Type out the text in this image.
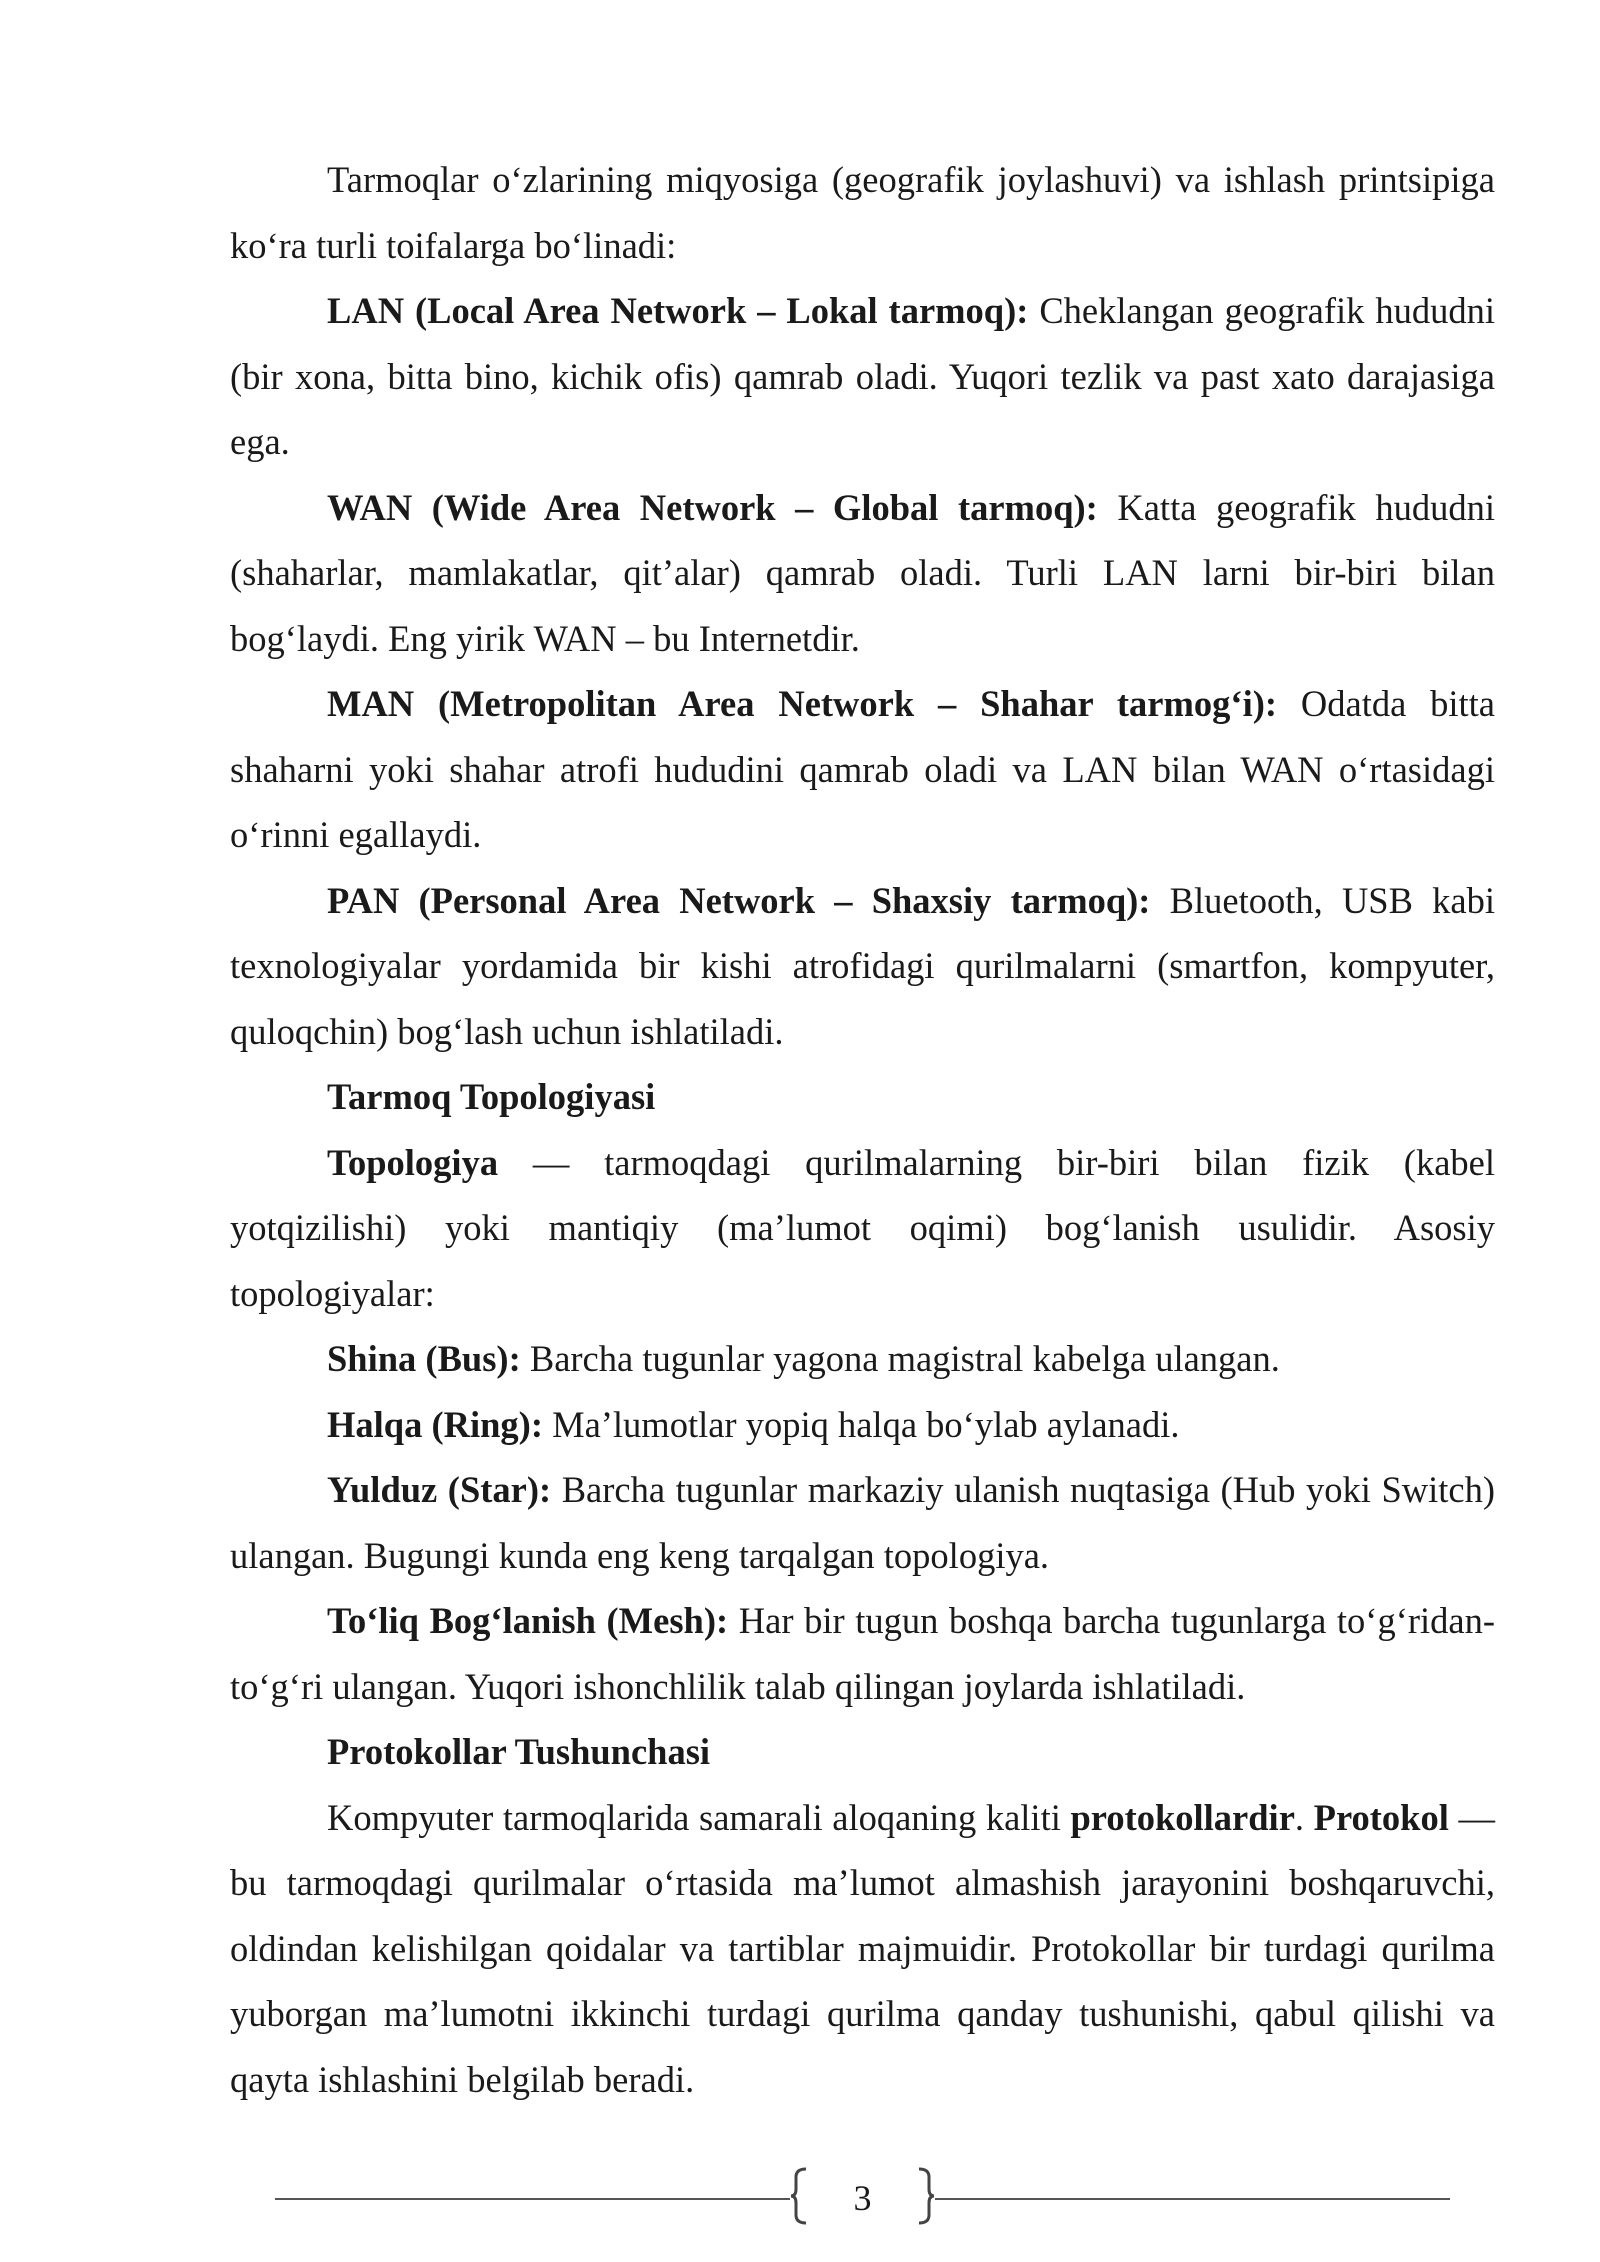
Tarmoqlar oʻzlarining miqyosiga (geografik joylashuvi) va ishlash printsipiga koʻra turli toifalarga boʻlinadi:

LAN (Local Area Network – Lokal tarmoq): Cheklangan geografik hududni (bir xona, bitta bino, kichik ofis) qamrab oladi. Yuqori tezlik va past xato darajasiga ega.

WAN (Wide Area Network – Global tarmoq): Katta geografik hududni (shaharlar, mamlakatlar, qit’alar) qamrab oladi. Turli LAN larni bir-biri bilan bogʻlaydi. Eng yirik WAN – bu Internetdir.

MAN (Metropolitan Area Network – Shahar tarmogʻi): Odatda bitta shaharni yoki shahar atrofi hududini qamrab oladi va LAN bilan WAN oʻrtasidagi oʻrinni egallaydi.

PAN (Personal Area Network – Shaxsiy tarmoq): Bluetooth, USB kabi texnologiyalar yordamida bir kishi atrofidagi qurilmalarni (smartfon, kompyuter, quloqchin) bogʻlash uchun ishlatiladi.

Tarmoq Topologiyasi

Topologiya — tarmoqdagi qurilmalarning bir-biri bilan fizik (kabel yotqizilishi) yoki mantiqiy (ma’lumot oqimi) bogʻlanish usulidir. Asosiy topologiyalar:

Shina (Bus): Barcha tugunlar yagona magistral kabelga ulangan.

Halqa (Ring): Ma’lumotlar yopiq halqa boʻylab aylanadi.

Yulduz (Star): Barcha tugunlar markaziy ulanish nuqtasiga (Hub yoki Switch) ulangan. Bugungi kunda eng keng tarqalgan topologiya.

Toʻliq Bogʻlanish (Mesh): Har bir tugun boshqa barcha tugunlarga toʻgʻridan-toʻgʻri ulangan. Yuqori ishonchlilik talab qilingan joylarda ishlatiladi.

Protokollar Tushunchasi

Kompyuter tarmoqlarida samarali aloqaning kaliti protokollardir. Protokol — bu tarmoqdagi qurilmalar oʻrtasida ma’lumot almashish jarayonini boshqaruvchi, oldindan kelishilgan qoidalar va tartiblar majmuidir. Protokollar bir turdagi qurilma yuborgan ma’lumotni ikkinchi turdagi qurilma qanday tushunishi, qabul qilishi va qayta ishlashini belgilab beradi.

3
